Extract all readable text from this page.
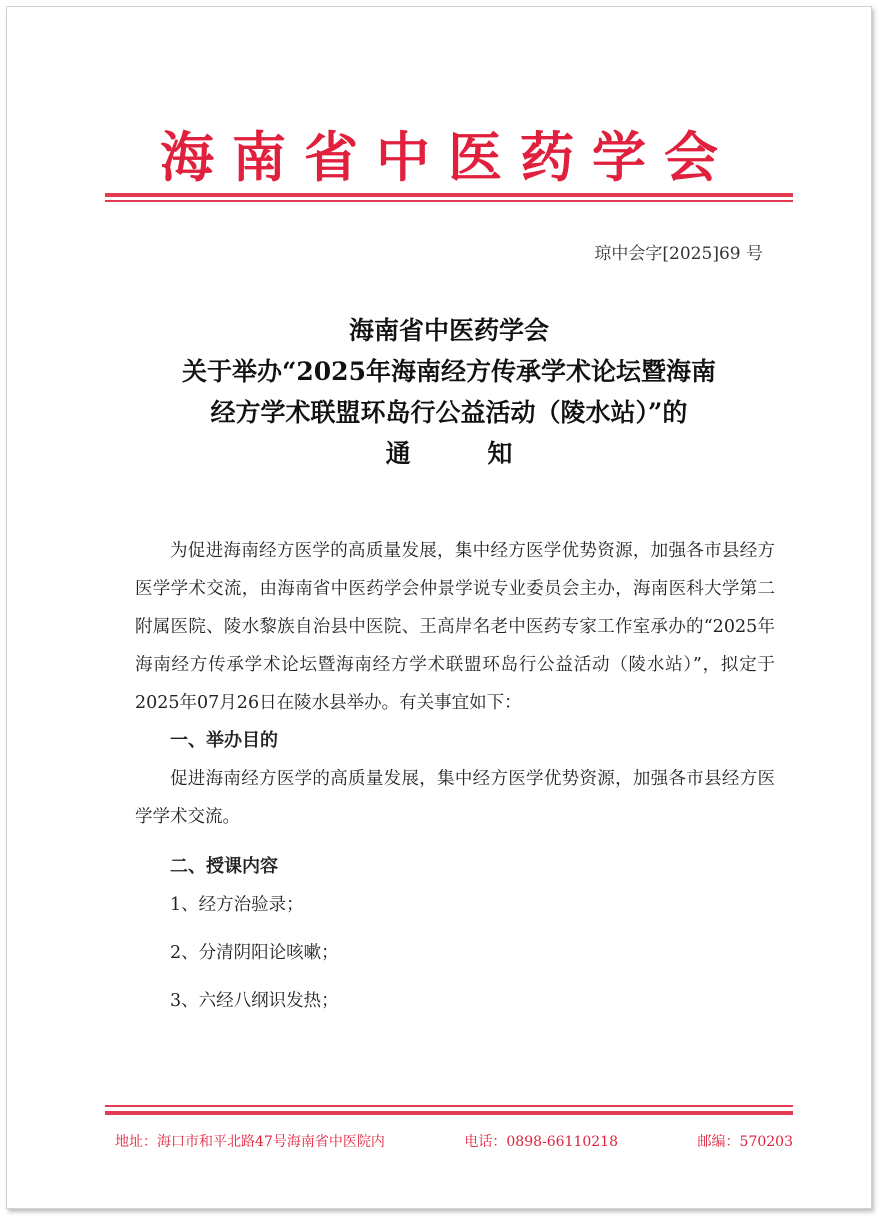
海南省中医药学会
琼中会字[2025]69 号
海南省中医药学会
关于举办“2025年海南经方传承学术论坛暨海南
经方学术联盟环岛行公益活动（陵水站）”的
通 知

为促进海南经方医学的高质量发展，集中经方医学优势资源，加强各市县经方医学学术交流，由海南省中医药学会仲景学说专业委员会主办，海南医科大学第二附属医院、陵水黎族自治县中医院、王高岸名老中医药专家工作室承办的“2025年海南经方传承学术论坛暨海南经方学术联盟环岛行公益活动（陵水站）”，拟定于2025年07月26日在陵水县举办。有关事宜如下：

一、举办目的

促进海南经方医学的高质量发展，集中经方医学优势资源，加强各市县经方医学学术交流。

二、授课内容

1、经方治验录；

2、分清阴阳论咳嗽；

3、六经八纲识发热；

地址：海口市和平北路47号海南省中医院内	电话：0898-66110218	邮编：570203
